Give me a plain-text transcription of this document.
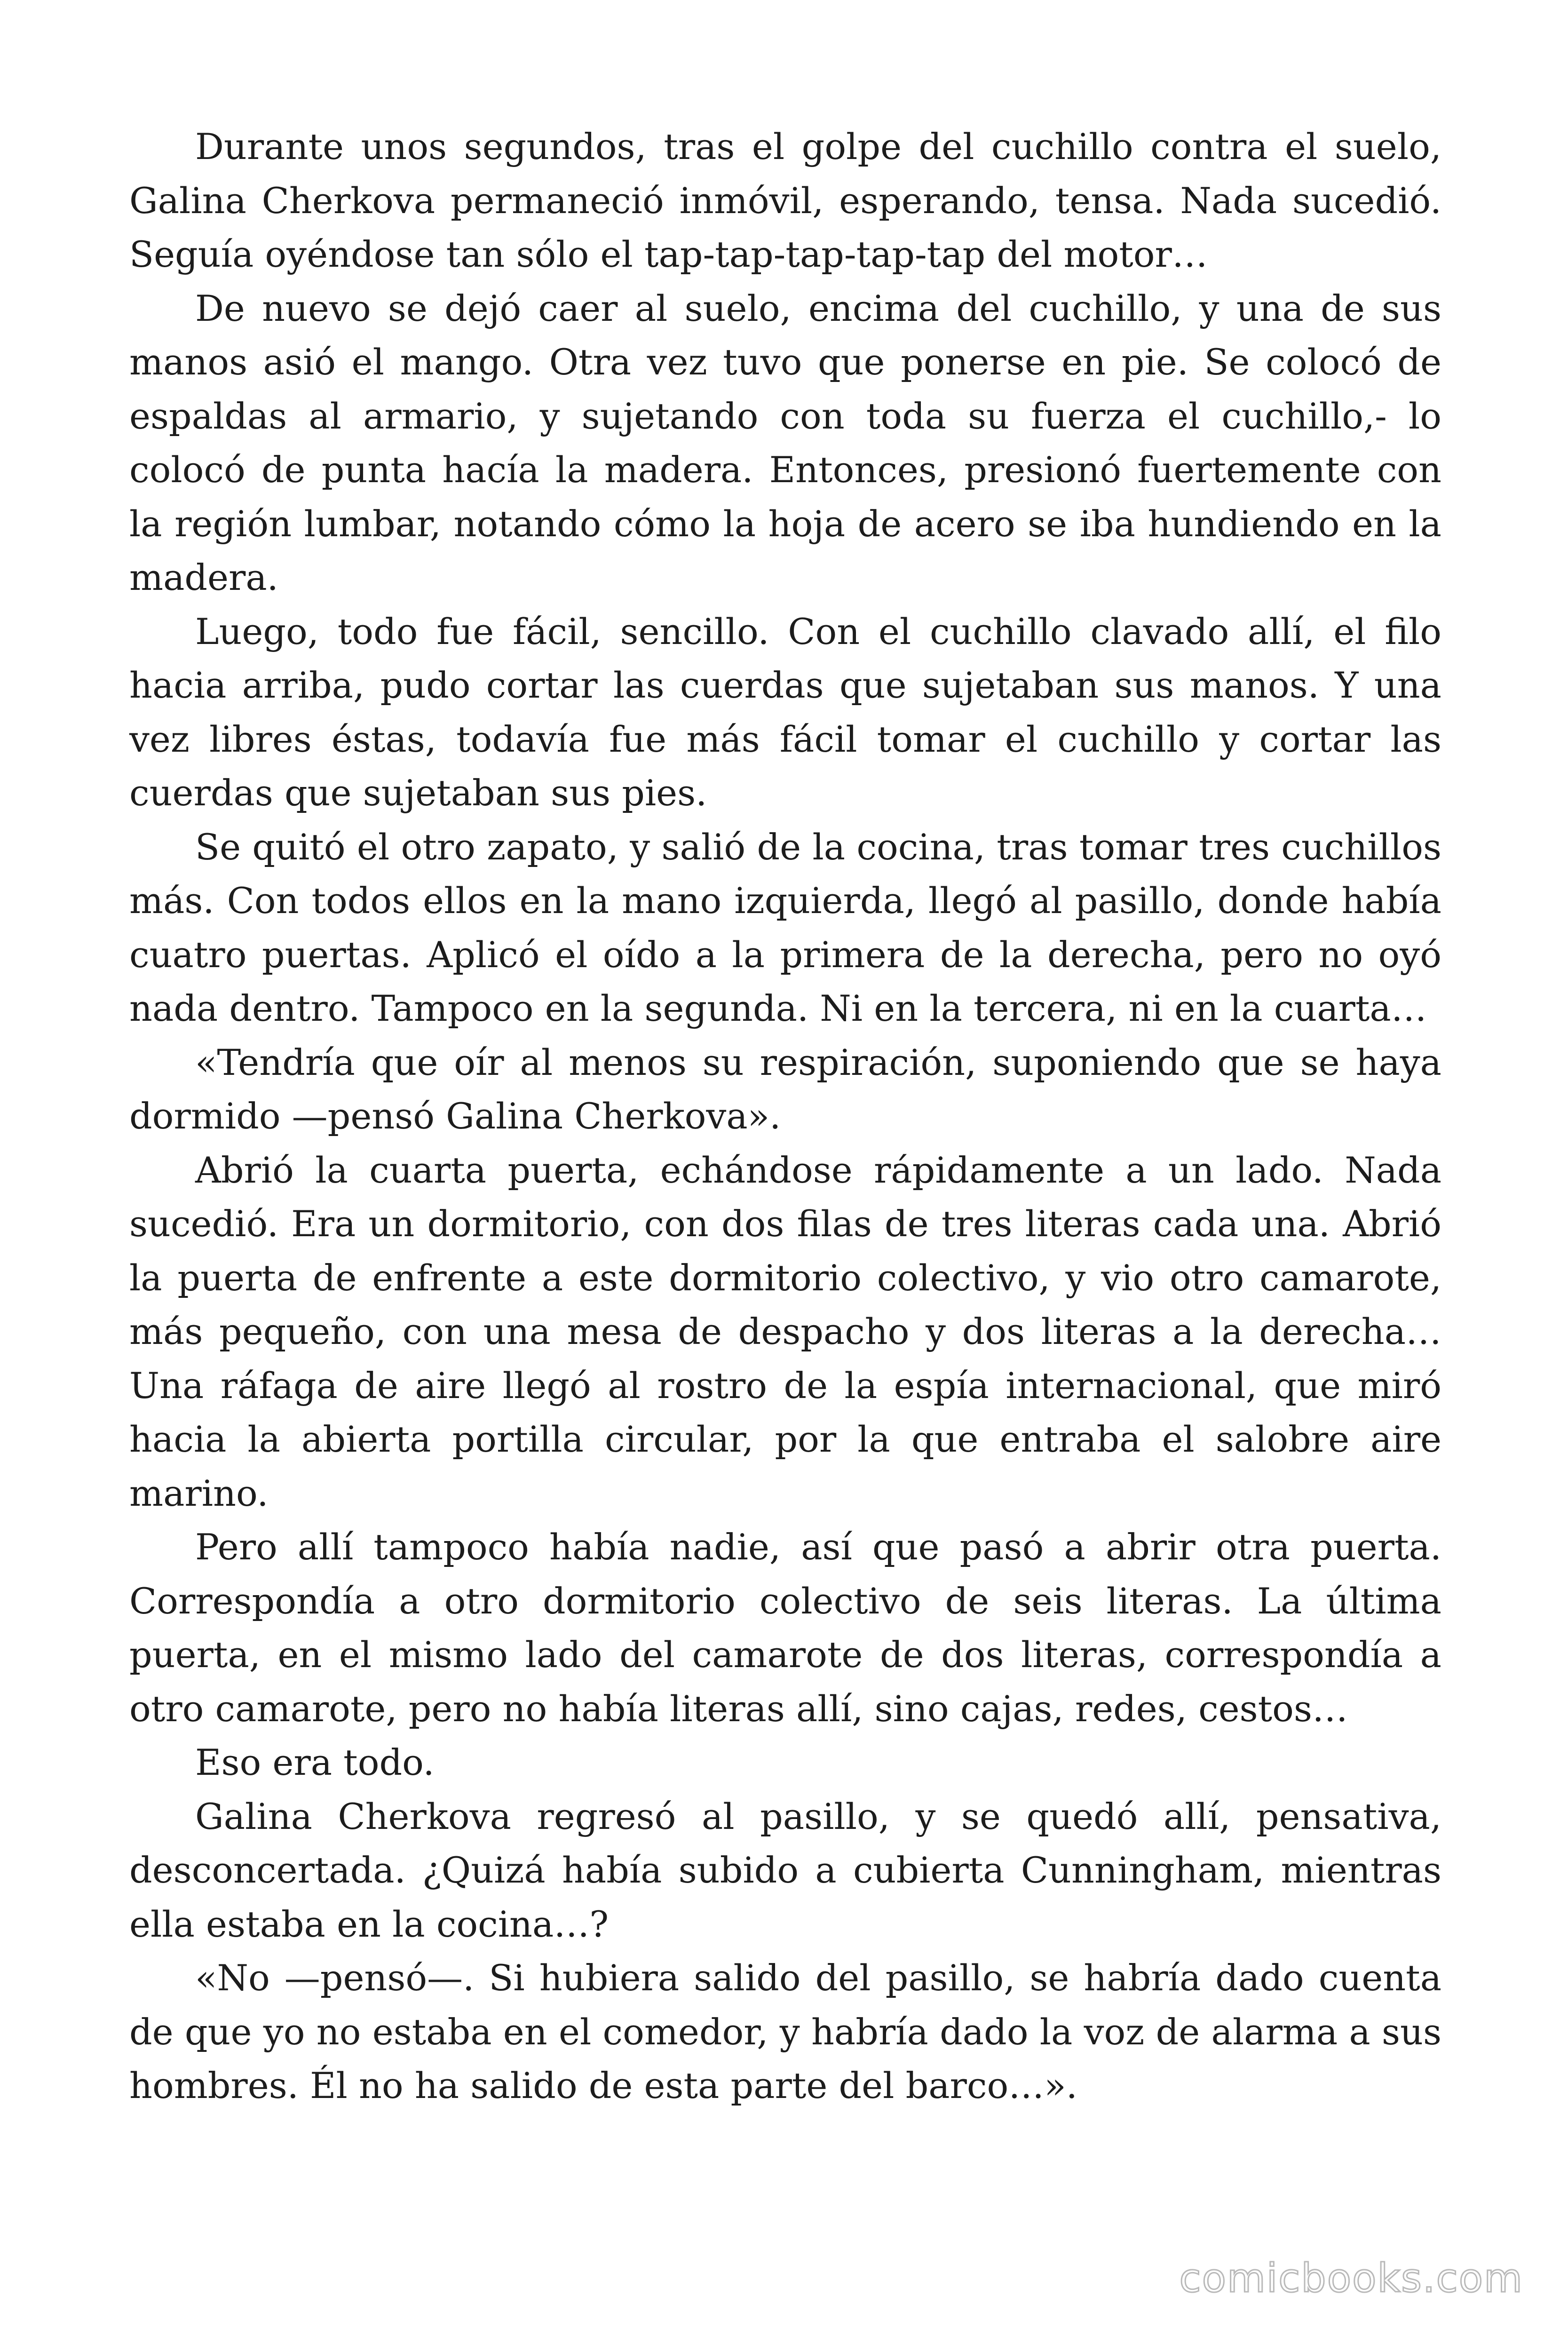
Durante unos segundos, tras el golpe del cuchillo contra el suelo, Galina Cherkova permaneció inmóvil, esperando, tensa. Nada sucedió. Seguía oyéndose tan sólo el tap-tap-tap-tap-tap del motor…

De nuevo se dejó caer al suelo, encima del cuchillo, y una de sus manos asió el mango. Otra vez tuvo que ponerse en pie. Se colocó de espaldas al armario, y sujetando con toda su fuerza el cuchillo,- lo colocó de punta hacía la madera. Entonces, presionó fuertemente con la región lumbar, notando cómo la hoja de acero se iba hundiendo en la madera.

Luego, todo fue fácil, sencillo. Con el cuchillo clavado allí, el filo hacia arriba, pudo cortar las cuerdas que sujetaban sus manos. Y una vez libres éstas, todavía fue más fácil tomar el cuchillo y cortar las cuerdas que sujetaban sus pies.

Se quitó el otro zapato, y salió de la cocina, tras tomar tres cuchillos más. Con todos ellos en la mano izquierda, llegó al pasillo, donde había cuatro puertas. Aplicó el oído a la primera de la derecha, pero no oyó nada dentro. Tampoco en la segunda. Ni en la tercera, ni en la cuarta…

«Tendría que oír al menos su respiración, suponiendo que se haya dormido —pensó Galina Cherkova».

Abrió la cuarta puerta, echándose rápidamente a un lado. Nada sucedió. Era un dormitorio, con dos filas de tres literas cada una. Abrió la puerta de enfrente a este dormitorio colectivo, y vio otro camarote, más pequeño, con una mesa de despacho y dos literas a la derecha… Una ráfaga de aire llegó al rostro de la espía internacional, que miró hacia la abierta portilla circular, por la que entraba el salobre aire marino.

Pero allí tampoco había nadie, así que pasó a abrir otra puerta. Correspondía a otro dormitorio colectivo de seis literas. La última puerta, en el mismo lado del camarote de dos literas, correspondía a otro camarote, pero no había literas allí, sino cajas, redes, cestos…

Eso era todo.

Galina Cherkova regresó al pasillo, y se quedó allí, pensativa, desconcertada. ¿Quizá había subido a cubierta Cunningham, mientras ella estaba en la cocina…?

«No —pensó—. Si hubiera salido del pasillo, se habría dado cuenta de que yo no estaba en el comedor, y habría dado la voz de alarma a sus hombres. Él no ha salido de esta parte del barco…».

comicbooks.com
